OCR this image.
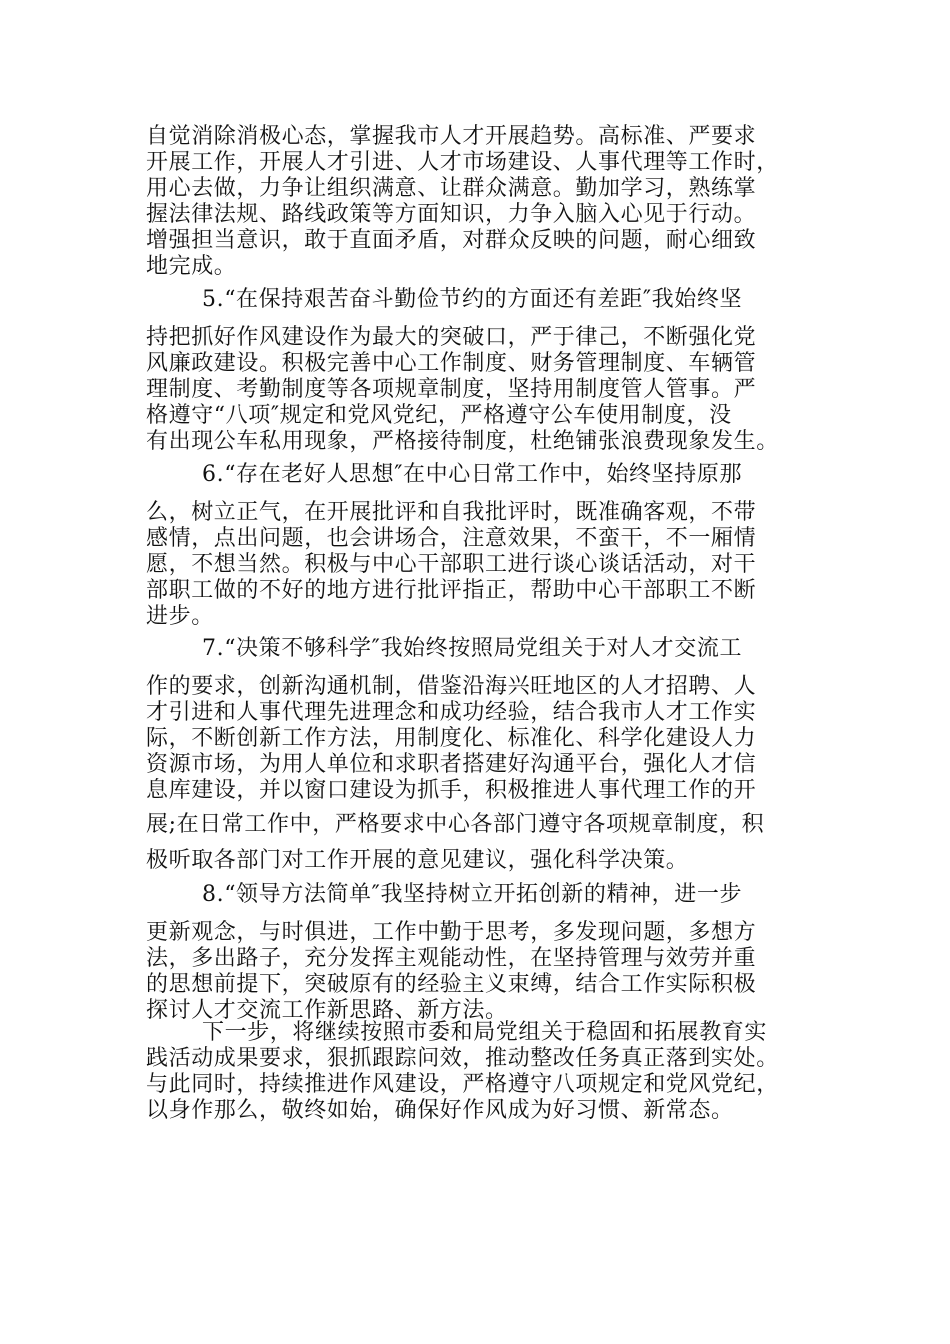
自觉消除消极心态，掌握我市人才开展趋势。高标准、严要求
开展工作，开展人才引进、人才市场建设、人事代理等工作时，
用心去做，力争让组织满意、让群众满意。勤加学习，熟练掌
握法律法规、路线政策等方面知识，力争入脑入心见于行动。
增强担当意识，敢于直面矛盾，对群众反映的问题，耐心细致
地完成。
5.“在保持艰苦奋斗勤俭节约的方面还有差距″我始终坚
持把抓好作风建设作为最大的突破口，严于律己，不断强化党
风廉政建设。积极完善中心工作制度、财务管理制度、车辆管
理制度、考勤制度等各项规章制度，坚持用制度管人管事。严
格遵守“八项″规定和党风党纪，严格遵守公车使用制度，没
有出现公车私用现象，严格接待制度，杜绝铺张浪费现象发生。
6.“存在老好人思想″在中心日常工作中，始终坚持原那
么，树立正气，在开展批评和自我批评时，既准确客观，不带
感情，点出问题，也会讲场合，注意效果，不蛮干，不一厢情
愿，不想当然。积极与中心干部职工进行谈心谈话活动，对干
部职工做的不好的地方进行批评指正，帮助中心干部职工不断
进步。
7.“决策不够科学″我始终按照局党组关于对人才交流工
作的要求，创新沟通机制，借鉴沿海兴旺地区的人才招聘、人
才引进和人事代理先进理念和成功经验，结合我市人才工作实
际，不断创新工作方法，用制度化、标准化、科学化建设人力
资源市场，为用人单位和求职者搭建好沟通平台，强化人才信
息库建设，并以窗口建设为抓手，积极推进人事代理工作的开
展;在日常工作中，严格要求中心各部门遵守各项规章制度，积
极听取各部门对工作开展的意见建议，强化科学决策。
8.“领导方法简单″我坚持树立开拓创新的精神，进一步
更新观念，与时俱进，工作中勤于思考，多发现问题，多想方
法，多出路子，充分发挥主观能动性，在坚持管理与效劳并重
的思想前提下，突破原有的经验主义束缚，结合工作实际积极
探讨人才交流工作新思路、新方法。
下一步，将继续按照市委和局党组关于稳固和拓展教育实
践活动成果要求，狠抓跟踪问效，推动整改任务真正落到实处。
与此同时，持续推进作风建设，严格遵守八项规定和党风党纪，
以身作那么，敬终如始，确保好作风成为好习惯、新常态。
